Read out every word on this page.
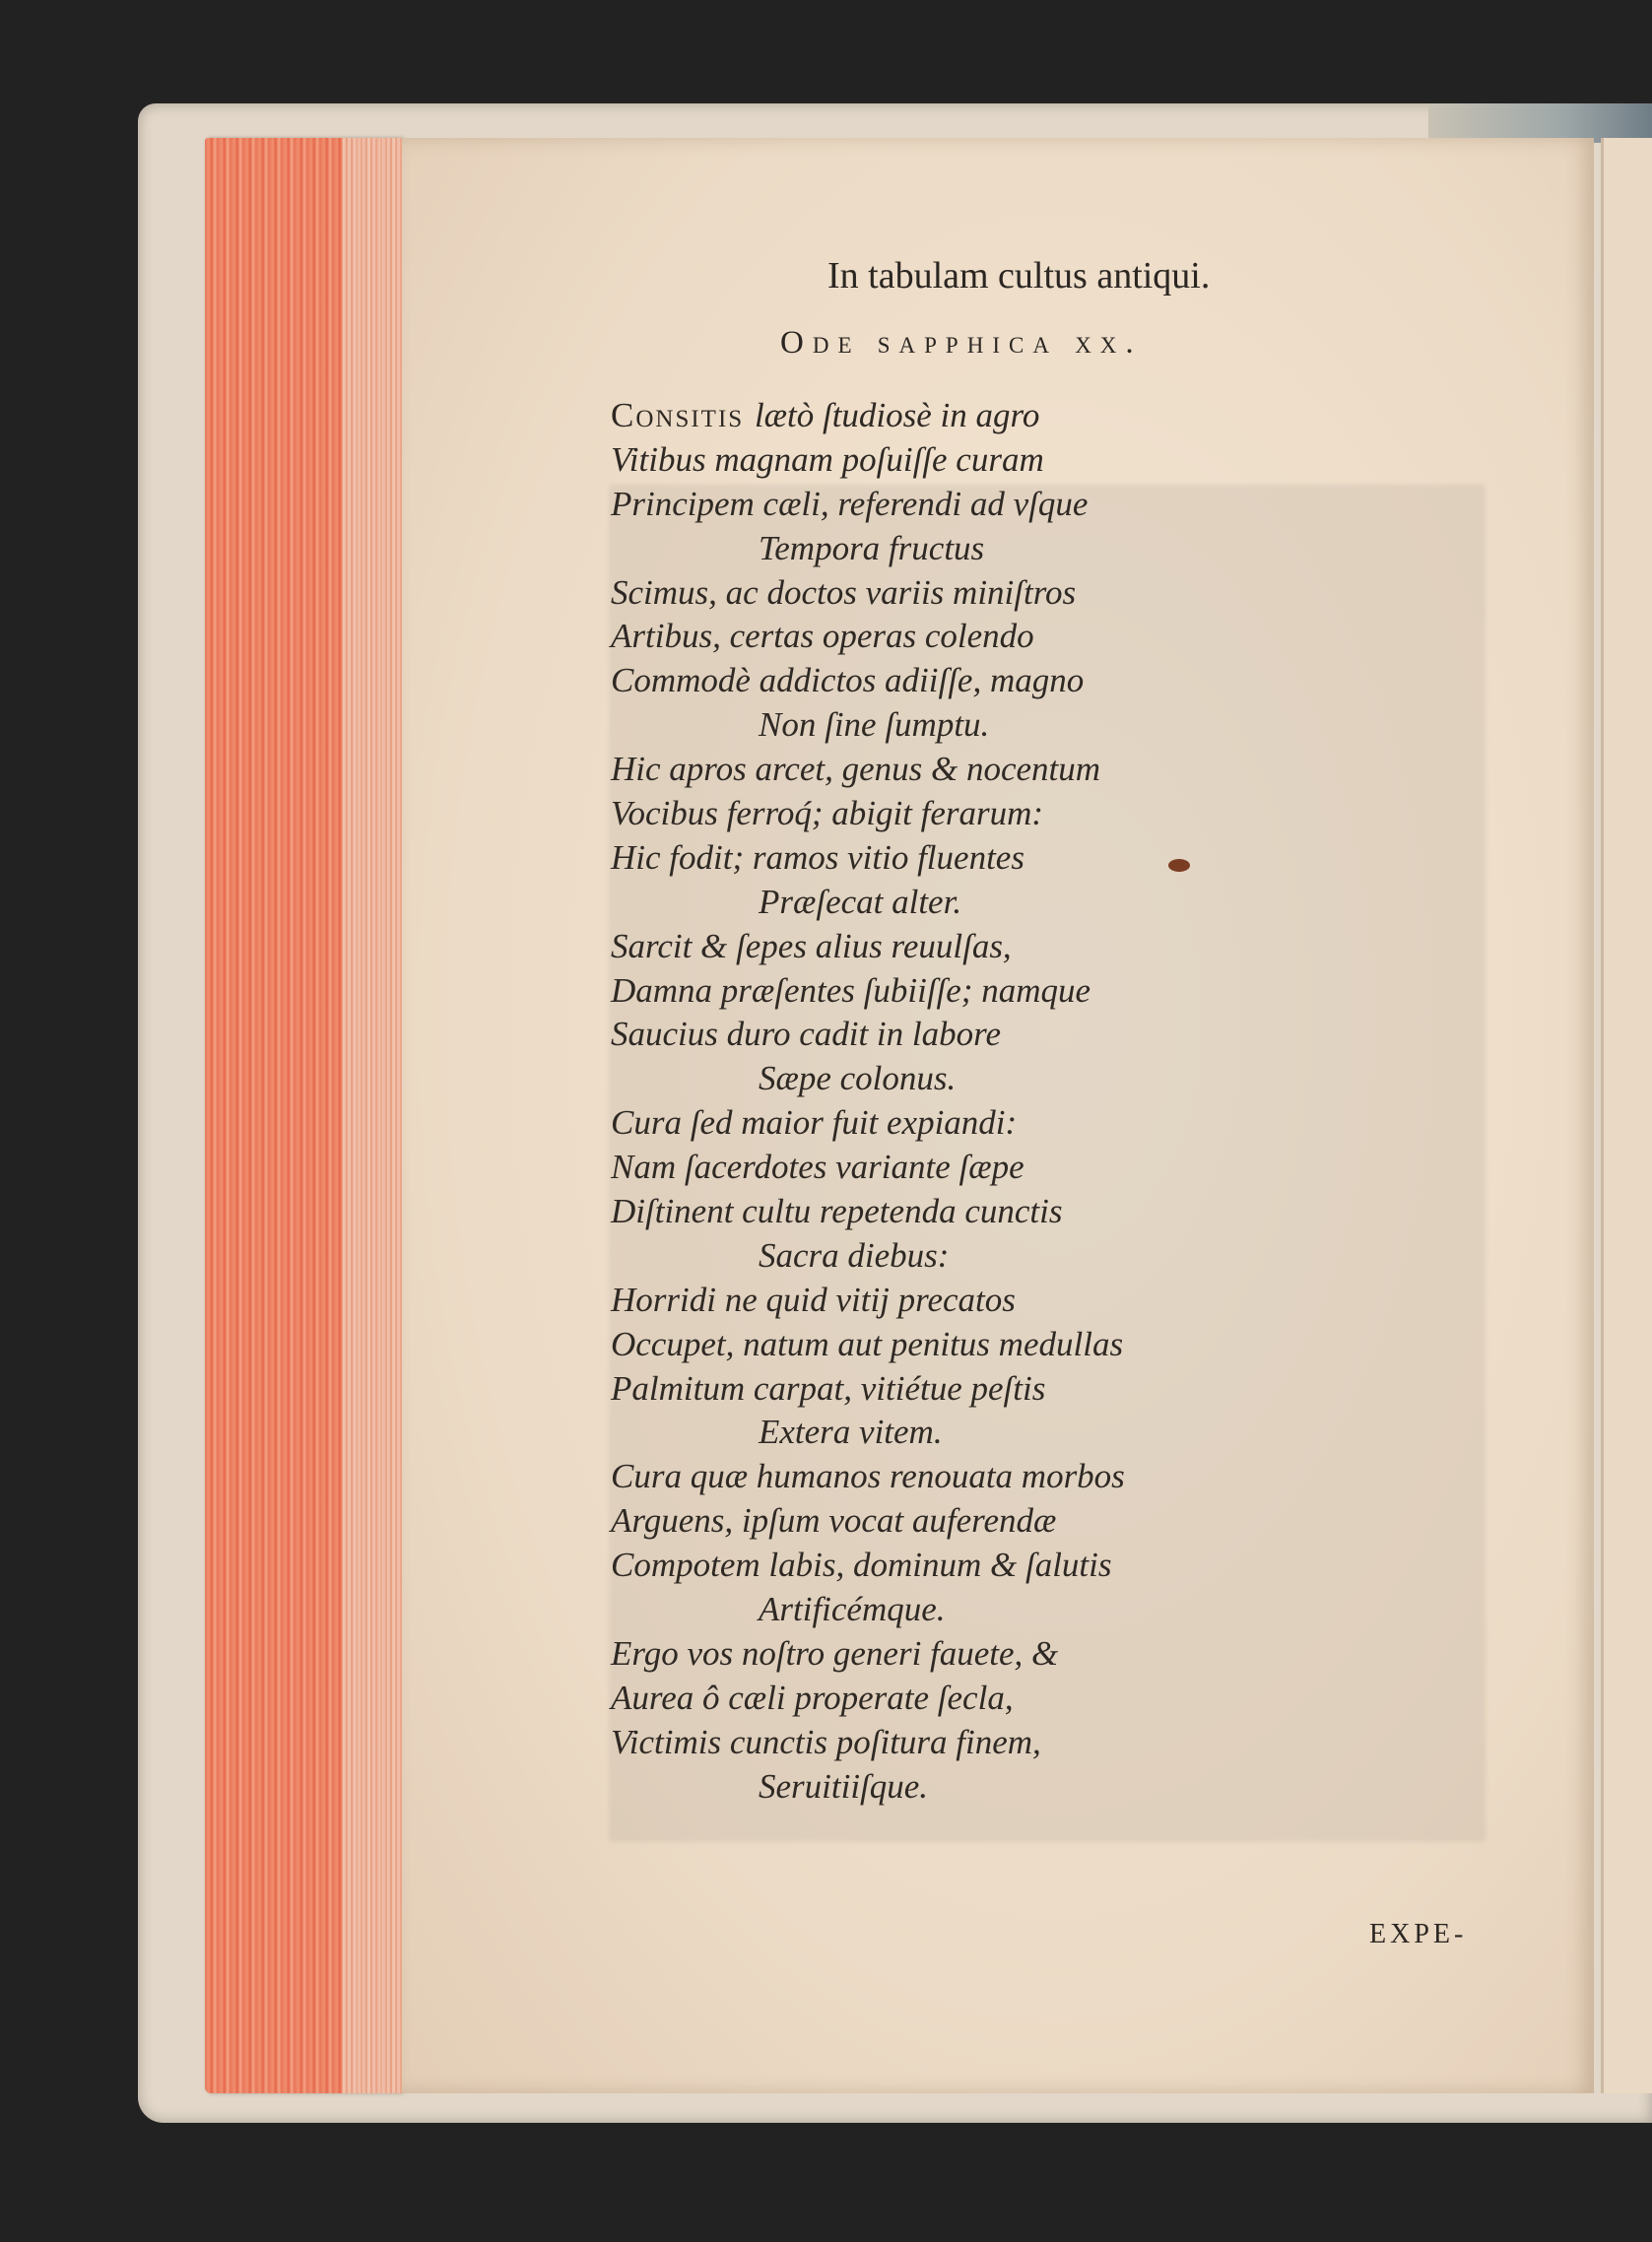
In tabulam cultus antiqui.
Ode sapphica xx.
Consitis lætò ſtudiosè in agro
Vitibus magnam poſuiſſe curam
Principem cæli, referendi ad vſque
Tempora fructus
Scimus, ac doctos variis miniſtros
Artibus, certas operas colendo
Commodè addictos adiiſſe, magno
Non ſine ſumptu.
Hic apros arcet, genus & nocentum
Vocibus ferroq́; abigit ferarum:
Hic fodit; ramos vitio fluentes
Præſecat alter.
Sarcit & ſepes alius reuulſas,
Damna præſentes ſubiiſſe; namque
Saucius duro cadit in labore
Sæpe colonus.
Cura ſed maior fuit expiandi:
Nam ſacerdotes variante ſæpe
Diſtinent cultu repetenda cunctis
Sacra diebus:
Horridi ne quid vitij precatos
Occupet, natum aut penitus medullas
Palmitum carpat, vitiétue peſtis
Extera vitem.
Cura quæ humanos renouata morbos
Arguens, ipſum vocat auferendæ
Compotem labis, dominum & ſalutis
Artificémque.
Ergo vos noſtro generi fauete, &
Aurea ô cæli properate ſecla,
Victimis cunctis poſitura finem,
Seruitiiſque.
EXPE-
